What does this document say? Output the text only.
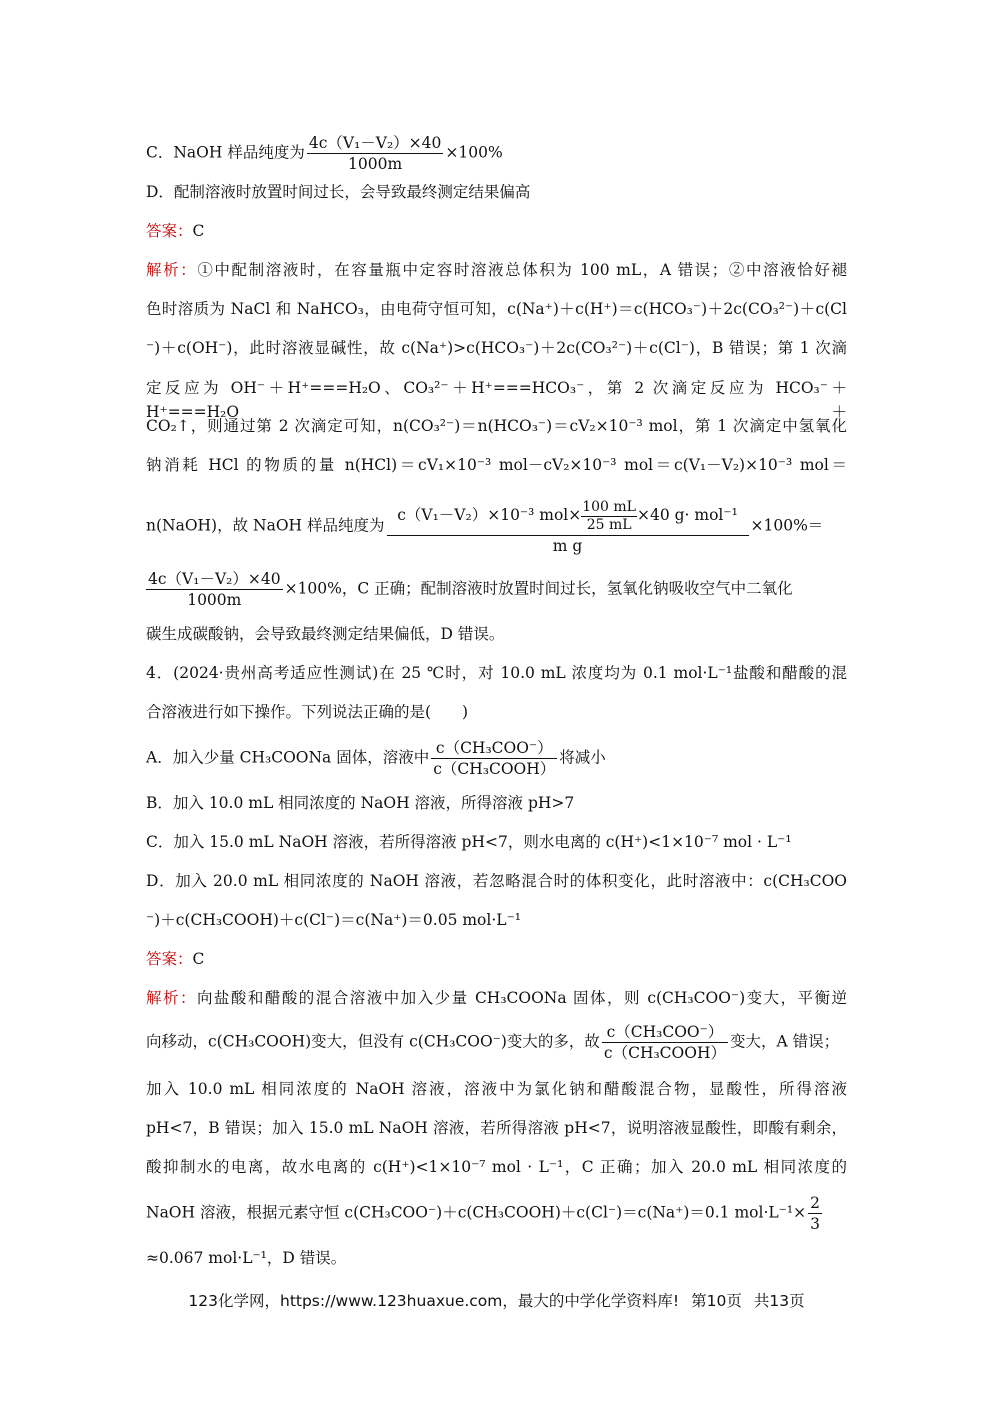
C．NaOH 样品纯度为 $\frac{\text{4c（V₁－V₂）×40}}{1000m} \times 100\%$
D．配制溶液时放置时间过长，会导致最终测定结果偏高
答案：C
解析：①中配制溶液时，在容量瓶中定容时溶液总体积为 100 mL，A 错误；②中溶液恰好褪
色时溶质为 NaCl 和 NaHCO₃，由电荷守恒可知，c(Na⁺)＋c(H⁺)＝c(HCO₃⁻)＋2c(CO₃²⁻)＋c(Cl
⁻)＋c(OH⁻)，此时溶液显碱性，故 c(Na⁺)>c(HCO₃⁻)＋2c(CO₃²⁻)＋c(Cl⁻)，B 错误；第 1 次滴
定反应为 OH⁻＋H⁺===H₂O、CO₃²⁻＋H⁺===HCO₃⁻，第 2 次滴定反应为 HCO₃⁻＋H⁺===H₂O＋
CO₂↑，则通过第 2 次滴定可知，n(CO₃²⁻)＝n(HCO₃⁻)＝cV₂×10⁻³ mol，第 1 次滴定中氢氧化
钠消耗 HCl 的物质的量 n(HCl)＝cV₁×10⁻³ mol－cV₂×10⁻³ mol＝c(V₁－V₂)×10⁻³ mol＝
n(NaOH)，故 NaOH 样品纯度为 $\frac{c(V_1-V_2)\times 10^{-3} mol\times \frac{100 mL}{25 mL} \times 40 g\cdot mol^{-1}}{\text{m g}} \times 100\%=$
$\frac{\text{4c（V₁－V₂）×40}}{1000m} \times 100\%$，C 正确；配制溶液时放置时间过长，氢氧化钠吸收空气中二氧化
碳生成碳酸钠，会导致最终测定结果偏低，D 错误。
4．(2024·贵州高考适应性测试)在 25 ℃时，对 10.0 mL 浓度均为 0.1 mol·L⁻¹盐酸和醋酸的混
合溶液进行如下操作。下列说法正确的是(　　)
A．加入少量 CH₃COONa 固体，溶液中 $\frac{\text{c（CH₃COO⁻）}}{\text{c（CH₃COOH）}}$ 将减小
B．加入 10.0 mL 相同浓度的 NaOH 溶液，所得溶液 pH>7
C．加入 15.0 mL NaOH 溶液，若所得溶液 pH<7，则水电离的 c(H⁺)<1×10⁻⁷ mol · L⁻¹
D．加入 20.0 mL 相同浓度的 NaOH 溶液，若忽略混合时的体积变化，此时溶液中：c(CH₃COO
⁻)＋c(CH₃COOH)＋c(Cl⁻)＝c(Na⁺)＝0.05 mol·L⁻¹
答案：C
解析：向盐酸和醋酸的混合溶液中加入少量 CH₃COONa 固体，则 c(CH₃COO⁻)变大，平衡逆
向移动，c(CH₃COOH)变大，但没有 c(CH₃COO⁻)变大的多，故 $\frac{\text{c（CH₃COO⁻）}}{\text{c（CH₃COOH）}}$ 变大，A 错误；
加入 10.0 mL 相同浓度的 NaOH 溶液，溶液中为氯化钠和醋酸混合物，显酸性，所得溶液
pH<7，B 错误；加入 15.0 mL NaOH 溶液，若所得溶液 pH<7，说明溶液显酸性，即酸有剩余，
酸抑制水的电离，故水电离的 c(H⁺)<1×10⁻⁷ mol · L⁻¹，C 正确；加入 20.0 mL 相同浓度的
NaOH 溶液，根据元素守恒 c(CH₃COO⁻)＋c(CH₃COOH)＋c(Cl⁻)＝c(Na⁺)＝0.1 $mol\cdot L^{-1}\times \frac{2}{3}$
≈0.067 mol·L⁻¹，D 错误。
123化学网，https://www.123huaxue.com，最大的中学化学资料库! 第10页 共13页
